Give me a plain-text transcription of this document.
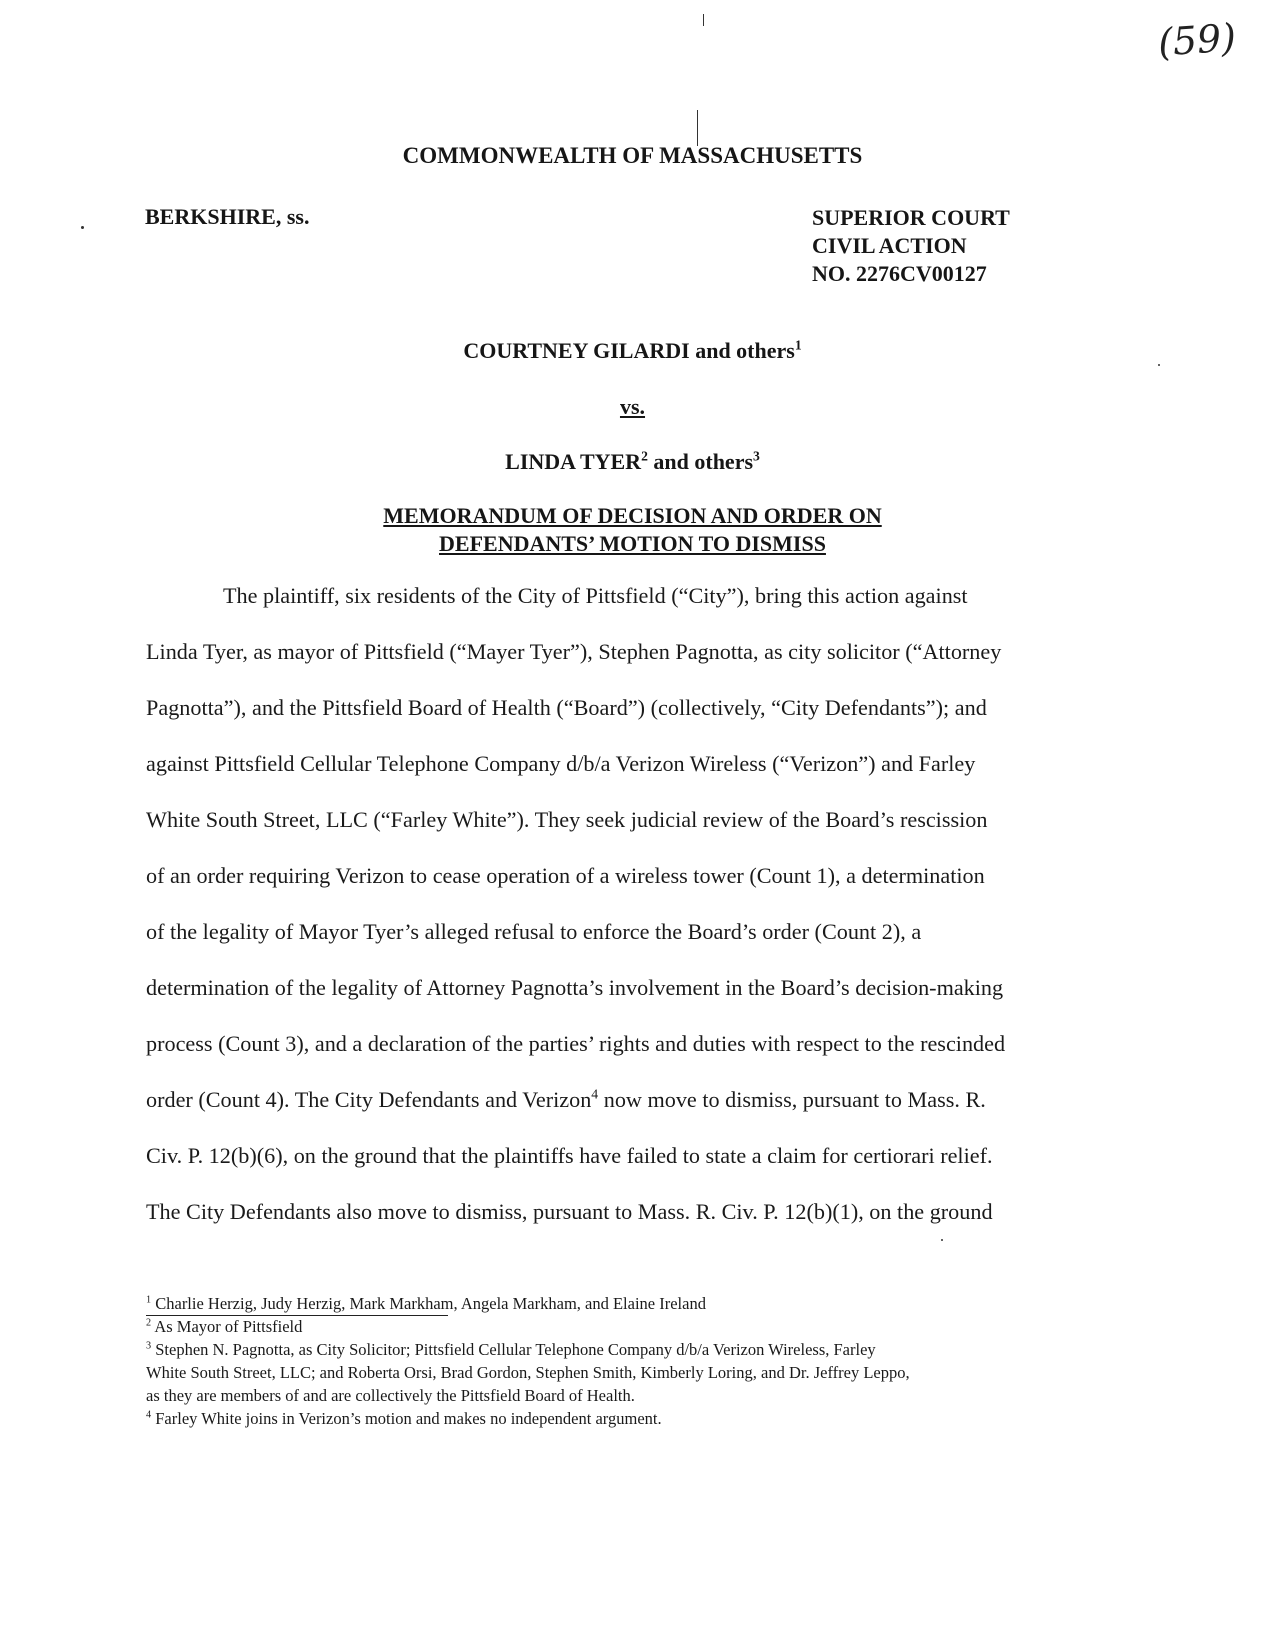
(59)
COMMONWEALTH OF MASSACHUSETTS
BERKSHIRE, ss.	SUPERIOR COURT
CIVIL ACTION
NO. 2276CV00127
COURTNEY GILARDI and others$^1$
vs.
LINDA TYER$^2$ and others$^3$
MEMORANDUM OF DECISION AND ORDER ON
DEFENDANTS’ MOTION TO DISMISS
The plaintiff, six residents of the City of Pittsfield (“City”), bring this action against
Linda Tyer, as mayor of Pittsfield (“Mayer Tyer”), Stephen Pagnotta, as city solicitor (“Attorney
Pagnotta”), and the Pittsfield Board of Health (“Board”) (collectively, “City Defendants”); and
against Pittsfield Cellular Telephone Company d/b/a Verizon Wireless (“Verizon”) and Farley
White South Street, LLC (“Farley White”). They seek judicial review of the Board’s rescission
of an order requiring Verizon to cease operation of a wireless tower (Count 1), a determination
of the legality of Mayor Tyer’s alleged refusal to enforce the Board’s order (Count 2), a
determination of the legality of Attorney Pagnotta’s involvement in the Board’s decision-making
process (Count 3), and a declaration of the parties’ rights and duties with respect to the rescinded
order (Count 4). The City Defendants and Verizon$^4$ now move to dismiss, pursuant to Mass. R.
Civ. P. 12(b)(6), on the ground that the plaintiffs have failed to state a claim for certiorari relief.
The City Defendants also move to dismiss, pursuant to Mass. R. Civ. P. 12(b)(1), on the ground
$^1$ Charlie Herzig, Judy Herzig, Mark Markham, Angela Markham, and Elaine Ireland
$^2$ As Mayor of Pittsfield
$^3$ Stephen N. Pagnotta, as City Solicitor; Pittsfield Cellular Telephone Company d/b/a Verizon Wireless, Farley
White South Street, LLC; and Roberta Orsi, Brad Gordon, Stephen Smith, Kimberly Loring, and Dr. Jeffrey Leppo,
as they are members of and are collectively the Pittsfield Board of Health.
$^4$ Farley White joins in Verizon’s motion and makes no independent argument.
